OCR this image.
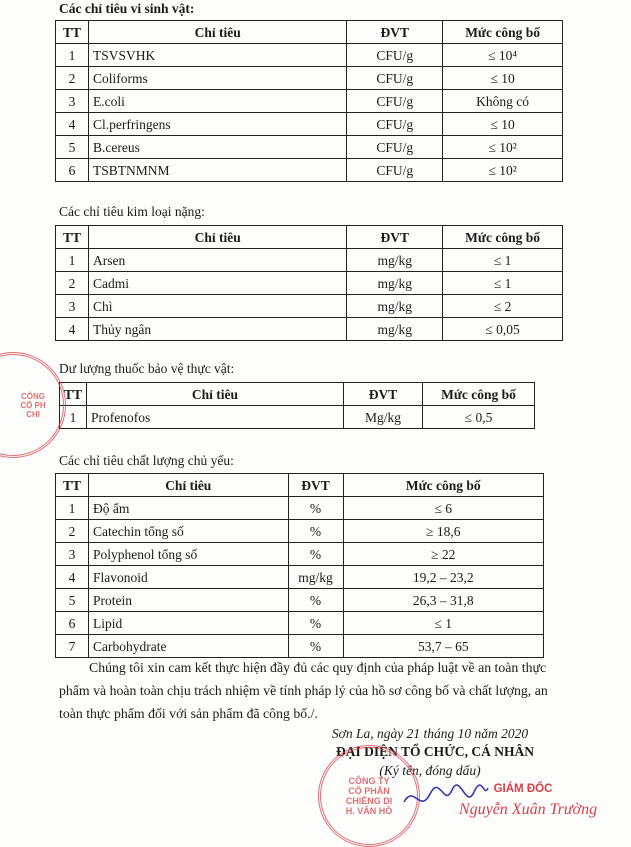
Các chỉ tiêu vi sinh vật:
TT	Chỉ tiêu	ĐVT	Mức công bố
1	TSVSVHK	CFU/g	≤ 10⁴
2	Coliforms	CFU/g	≤ 10
3	E.coli	CFU/g	Không có
4	Cl.perfringens	CFU/g	≤ 10
5	B.cereus	CFU/g	≤ 10²
6	TSBTNMNM	CFU/g	≤ 10²
Các chỉ tiêu kim loại nặng:
TT	Chỉ tiêu	ĐVT	Mức công bố
1	Arsen	mg/kg	≤ 1
2	Cadmi	mg/kg	≤ 1
3	Chì	mg/kg	≤ 2
4	Thủy ngân	mg/kg	≤ 0,05
Dư lượng thuốc bảo vệ thực vật:
TT	Chỉ tiêu	ĐVT	Mức công bố
1	Profenofos	Mg/kg	≤ 0,5
Các chỉ tiêu chất lượng chủ yếu:
TT	Chỉ tiêu	ĐVT	Mức công bố
1	Độ ẩm	%	≤ 6
2	Catechin tổng số	%	≥ 18,6
3	Polyphenol tổng số	%	≥ 22
4	Flavonoid	mg/kg	19,2 – 23,2
5	Protein	%	26,3 – 31,8
6	Lipid	%	≤ 1
7	Carbohydrate	%	53,7 – 65
Chúng tôi xin cam kết thực hiện đầy đủ các quy định của pháp luật về an toàn thực phẩm và hoàn toàn chịu trách nhiệm về tính pháp lý của hồ sơ công bố và chất lượng, an toàn thực phẩm đối với sản phẩm đã công bố./.
Sơn La, ngày 21 tháng 10 năm 2020
ĐẠI DIỆN TỔ CHỨC, CÁ NHÂN
(Ký tên, đóng dấu)
CÔNG TY
CỔ PHẦN
CHIỀNG DI
H. VÂN HỒ
CÔNG
CỔ PH
CHI
GIÁM ĐỐC
Nguyễn Xuân Trường
